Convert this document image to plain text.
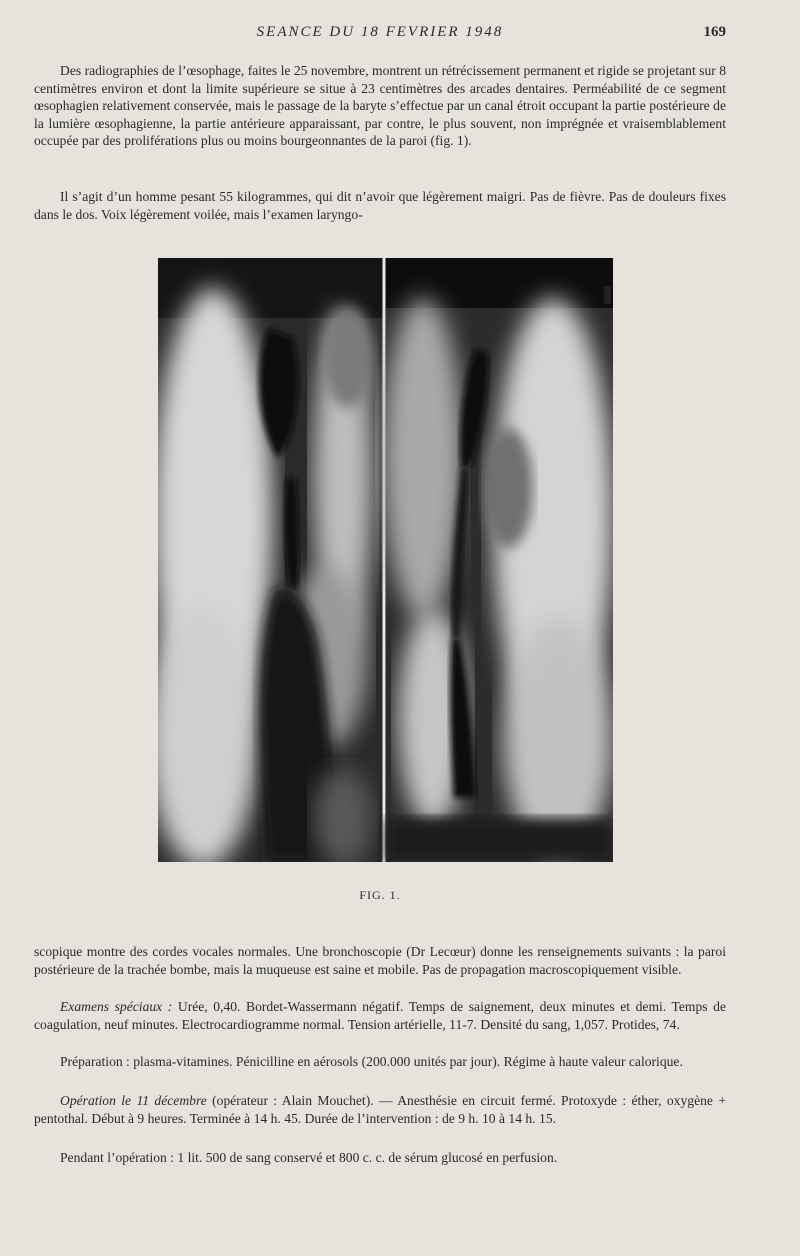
SEANCE DU 18 FEVRIER 1948	169

Des radiographies de l’œsophage, faites le 25 novembre, montrent un rétrécissement permanent et rigide se projetant sur 8 centimètres environ et dont la limite supérieure se situe à 23 centimètres des arcades dentaires. Perméabilité de ce segment œsophagien relativement conservée, mais le passage de la baryte s’effectue par un canal étroit occupant la partie postérieure de la lumière œsophagienne, la partie antérieure apparaissant, par contre, le plus souvent, non imprégnée et vraisemblablement occupée par des proliférations plus ou moins bourgeonnantes de la paroi (fig. 1).

Il s’agit d’un homme pesant 55 kilogrammes, qui dit n’avoir que légèrement maigri. Pas de fièvre. Pas de douleurs fixes dans le dos. Voix légèrement voilée, mais l’examen laryngo-

FIG. 1.

scopique montre des cordes vocales normales. Une bronchoscopie (Dr Lecœur) donne les renseignements suivants : la paroi postérieure de la trachée bombe, mais la muqueuse est saine et mobile. Pas de propagation macroscopiquement visible.

Examens spéciaux : Urée, 0,40. Bordet-Wassermann négatif. Temps de saignement, deux minutes et demi. Temps de coagulation, neuf minutes. Electrocardiogramme normal. Tension artérielle, 11-7. Densité du sang, 1,057. Protides, 74.

Préparation : plasma-vitamines. Pénicilline en aérosols (200.000 unités par jour). Régime à haute valeur calorique.

Opération le 11 décembre (opérateur : Alain Mouchet). — Anesthésie en circuit fermé. Protoxyde : éther, oxygène + pentothal. Début à 9 heures. Terminée à 14 h. 45. Durée de l’intervention : de 9 h. 10 à 14 h. 15.

Pendant l’opération : 1 lit. 500 de sang conservé et 800 c. c. de sérum glucosé en perfusion.
